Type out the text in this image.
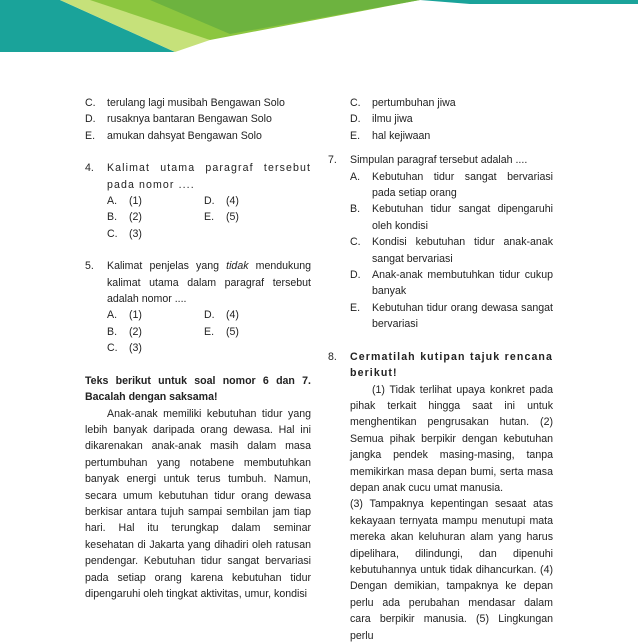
C.	terulang lagi musibah Bengawan Solo
D.	rusaknya bantaran Bengawan Solo
E.	amukan dahsyat Bengawan Solo
4.	Kalimat utama paragraf tersebut pada nomor ....
A.	(1)	D.	(4)
B.	(2)	E.	(5)
C.	(3)
5.	Kalimat penjelas yang tidak mendukung kalimat utama dalam paragraf tersebut adalah nomor ....
A.	(1)	D.	(4)
B.	(2)	E.	(5)
C.	(3)

Teks berikut untuk soal nomor 6 dan 7. Bacalah dengan saksama!

Anak-anak memiliki kebutuhan tidur yang lebih banyak daripada orang dewasa. Hal ini dikarenakan anak-anak masih dalam masa pertumbuhan yang notabene membutuhkan banyak energi untuk terus tumbuh. Namun, secara umum kebutuhan tidur orang dewasa berkisar antara tujuh sampai sembilan jam tiap hari. Hal itu terungkap dalam seminar kesehatan di Jakarta yang dihadiri oleh ratusan pendengar. Kebutuhan tidur sangat bervariasi pada setiap orang karena kebutuhan tidur dipengaruhi oleh tingkat aktivitas, umur, kondisi

C.	pertumbuhan jiwa
D.	ilmu jiwa
E.	hal kejiwaan
7.	Simpulan paragraf tersebut adalah ....
A.	Kebutuhan tidur sangat bervariasi pada setiap orang
B.	Kebutuhan tidur sangat dipengaruhi oleh kondisi
C.	Kondisi kebutuhan tidur anak-anak sangat bervariasi
D.	Anak-anak membutuhkan tidur cukup banyak
E.	Kebutuhan tidur orang dewasa sangat bervariasi
8.	Cermatilah kutipan tajuk rencana berikut!

(1) Tidak terlihat upaya konkret pada pihak terkait hingga saat ini untuk menghentikan pengrusakan hutan. (2) Semua pihak berpikir dengan kebutuhan jangka pendek masing-masing, tanpa memikirkan masa depan bumi, serta masa depan anak cucu umat manusia.

(3) Tampaknya kepentingan sesaat atas kekayaan ternyata mampu menutupi mata mereka akan keluhuran alam yang harus dipelihara, dilindungi, dan dipenuhi kebutuhannya untuk tidak dihancurkan. (4) Dengan demikian, tampaknya ke depan perlu ada perubahan mendasar dalam cara berpikir manusia. (5) Lingkungan perlu
